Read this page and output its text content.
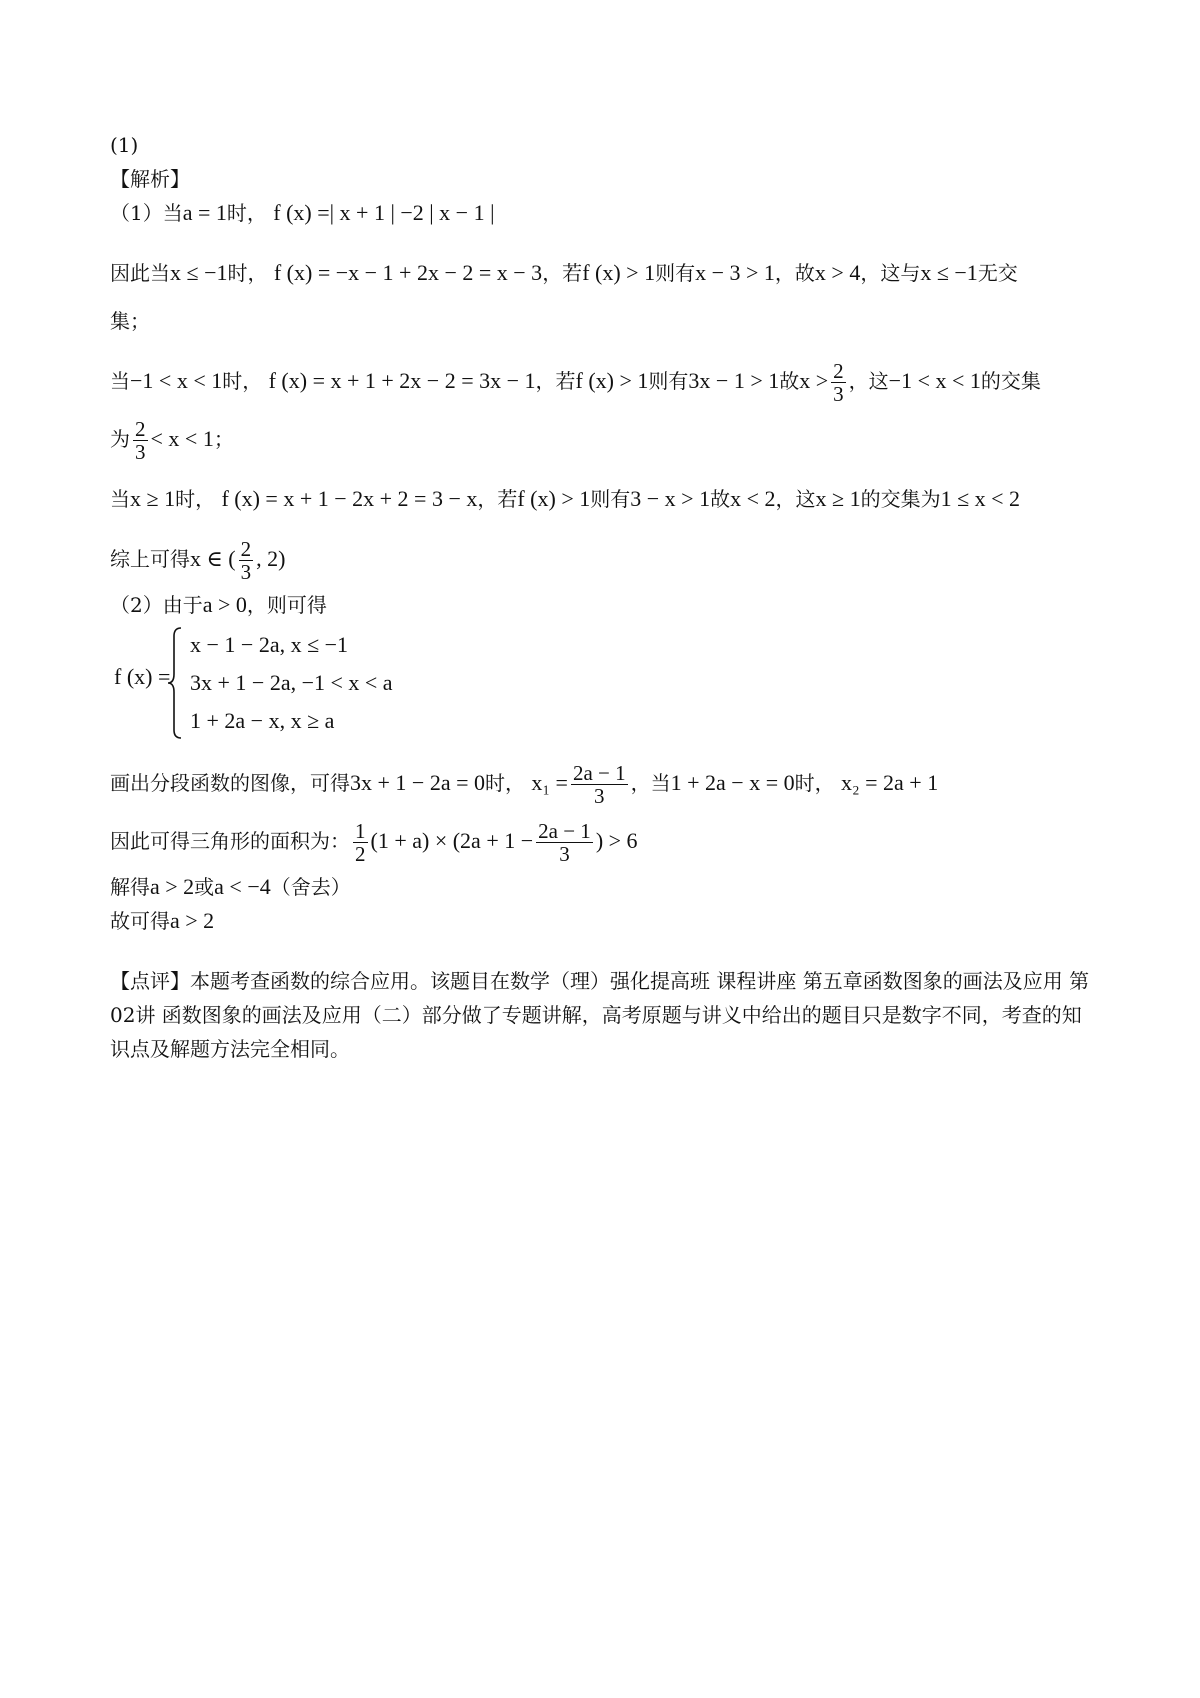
(1)
【解析】
（1）当a = 1时， f (x) =| x + 1 | −2 | x − 1 |
因此当x ≤ −1时， f (x) = −x − 1 + 2x − 2 = x − 3，若f (x) > 1则有x − 3 > 1，故x > 4，这与x ≤ −1无交
集；
当−1 < x < 1时， f (x) = x + 1 + 2x − 2 = 3x − 1，若f (x) > 1则有3x − 1 > 1故$x > \frac{2}{3}$ ，这−1 < x < 1的交集
为 $\frac{2}{3} < x < 1$；
当x ≥ 1时， f (x) = x + 1 − 2x + 2 = 3 − x，若f (x) > 1则有3 − x > 1故x < 2，这x ≥ 1的交集为1 ≤ x < 2
综上可得x ∈ ( $\frac{2}{3}$ , 2)
（2）由于a > 0，则可得
f (x) =
x − 1 − 2a, x ≤ −1
3x + 1 − 2a, −1 < x < a
1 + 2a − x, x ≥ a
画出分段函数的图像，可得3x + 1 − 2a = 0时， $x_1 = \frac{2a - 1}{3}$ ，当1 + 2a − x = 0时， x₂ = 2a + 1
因此可得三角形的面积为： $\frac{1}{2} (1 + a) \times (2a + 1 - \frac{2a - 1}{3}$ ) > 6
解得a > 2或a < −4（舍去）
故可得a > 2
【点评】本题考查函数的综合应用。该题目在数学（理）强化提高班 课程讲座 第五章函数图象的画法及应用 第02讲 函数图象的画法及应用（二）部分做了专题讲解，高考原题与讲义中给出的题目只是数字不同，考查的知识点及解题方法完全相同。
